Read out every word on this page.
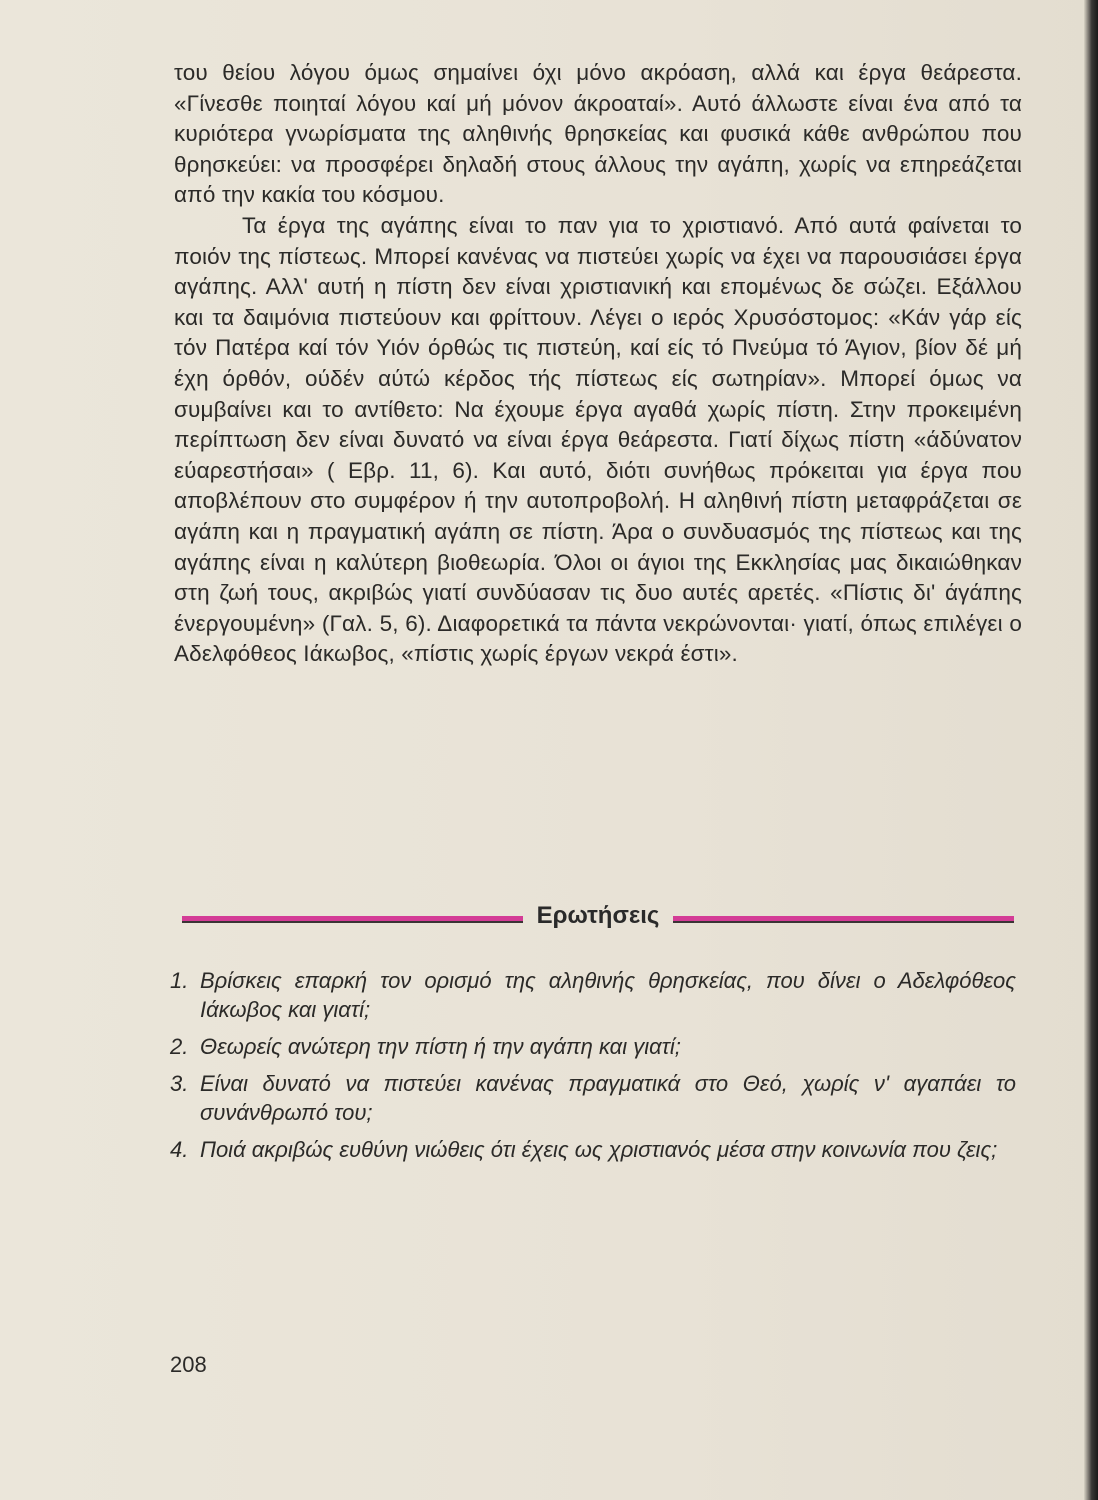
του θείου λόγου όμως σημαίνει όχι μόνο ακρόαση, αλλά και έργα θεάρεστα. «Γίνεσθε ποιηταί λόγου καί μή μόνον άκροαταί». Αυτό άλλωστε είναι ένα από τα κυριότερα γνωρίσματα της αληθινής θρησκείας και φυσικά κάθε ανθρώπου που θρησκεύει: να προσφέρει δηλαδή στους άλλους την αγάπη, χωρίς να επηρεάζεται από την κακία του κόσμου.

Τα έργα της αγάπης είναι το παν για το χριστιανό. Από αυτά φαίνεται το ποιόν της πίστεως. Μπορεί κανένας να πιστεύει χωρίς να έχει να παρουσιάσει έργα αγάπης. Αλλ' αυτή η πίστη δεν είναι χριστιανική και επομένως δε σώζει. Εξάλλου και τα δαιμόνια πιστεύουν και φρίττουν. Λέγει ο ιερός Χρυσόστομος: «Κάν γάρ είς τόν Πατέρα καί τόν Υιόν όρθώς τις πιστεύη, καί είς τό Πνεύμα τό Άγιον, βίον δέ μή έχη όρθόν, ούδέν αύτώ κέρδος τής πίστεως είς σωτηρίαν». Μπορεί όμως να συμβαίνει και το αντίθετο: Να έχουμε έργα αγαθά χωρίς πίστη. Στην προκειμένη περίπτωση δεν είναι δυνατό να είναι έργα θεάρεστα. Γιατί δίχως πίστη «άδύνατον εύαρεστήσαι» ( Εβρ. 11, 6). Και αυτό, διότι συνήθως πρόκειται για έργα που αποβλέπουν στο συμφέρον ή την αυτοπροβολή. Η αληθινή πίστη μεταφράζεται σε αγάπη και η πραγματική αγάπη σε πίστη. Άρα ο συνδυασμός της πίστεως και της αγάπης είναι η καλύτερη βιοθεωρία. Όλοι οι άγιοι της Εκκλησίας μας δικαιώθηκαν στη ζωή τους, ακριβώς γιατί συνδύασαν τις δυο αυτές αρετές. «Πίστις δι' άγάπης ένεργουμένη» (Γαλ. 5, 6). Διαφορετικά τα πάντα νεκρώνονται· γιατί, όπως επιλέγει ο Αδελφόθεος Ιάκωβος, «πίστις χωρίς έργων νεκρά έστι».

Ερωτήσεις
1. Βρίσκεις επαρκή τον ορισμό της αληθινής θρησκείας, που δίνει ο Αδελφόθεος Ιάκωβος και γιατί;
2. Θεωρείς ανώτερη την πίστη ή την αγάπη και γιατί;
3. Είναι δυνατό να πιστεύει κανένας πραγματικά στο Θεό, χωρίς ν' αγαπάει το συνάνθρωπό του;
4. Ποιά ακριβώς ευθύνη νιώθεις ότι έχεις ως χριστιανός μέσα στην κοινωνία που ζεις;
208
